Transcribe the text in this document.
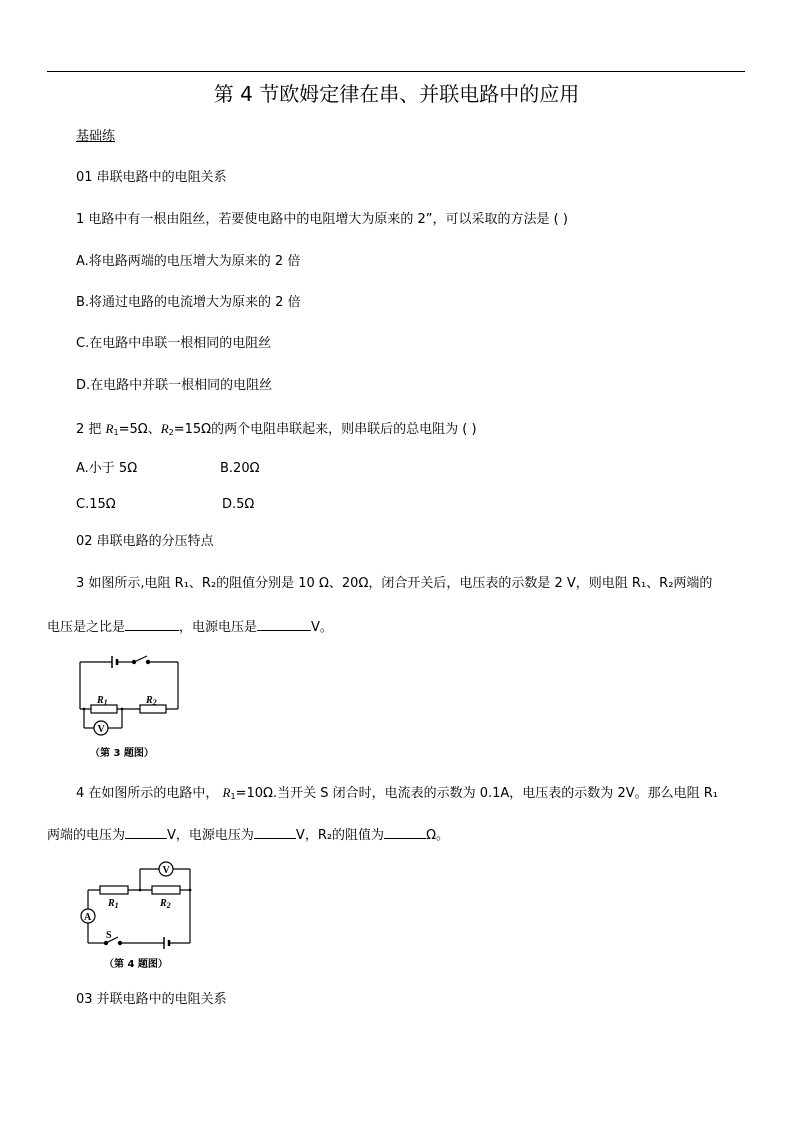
第 4 节欧姆定律在串、并联电路中的应用
基础练
01 串联电路中的电阻关系
1 电路中有一根由阻丝，若要使电路中的电阻增大为原来的 2”，可以采取的方法是 ( )
A.将电路两端的电压增大为原来的 2 倍
B.将通过电路的电流增大为原来的 2 倍
C.在电路中串联一根相同的电阻丝
D.在电路中并联一根相同的电阻丝
2 把 $R_1=5\Omega$、$R_2=15\Omega$的两个电阻串联起来，则串联后的总电阻为 ( )
A.小于 5Ω	B.20Ω
C.15Ω	D.5Ω
02 串联电路的分压特点
3 如图所示,电阻 R₁、R₂的阻值分别是 10 Ω、20Ω，闭合开关后，电压表的示数是 2 V，则电阻 R₁、R₂两端的
电压是之比是	，电源电压是	V。
$R_1$	$R_2$
V
（第 3 题图）
4 在如图所示的电路中， $R_1=10\Omega$.当开关 S 闭合时，电流表的示数为 0.1A，电压表的示数为 2V。那么电阻 R₁
两端的电压为	V，电源电压为	V，R₂的阻值为	Ω。
V
A
S
$R_1$	$R_2$
（第 4 题图）
03 并联电路中的电阻关系
